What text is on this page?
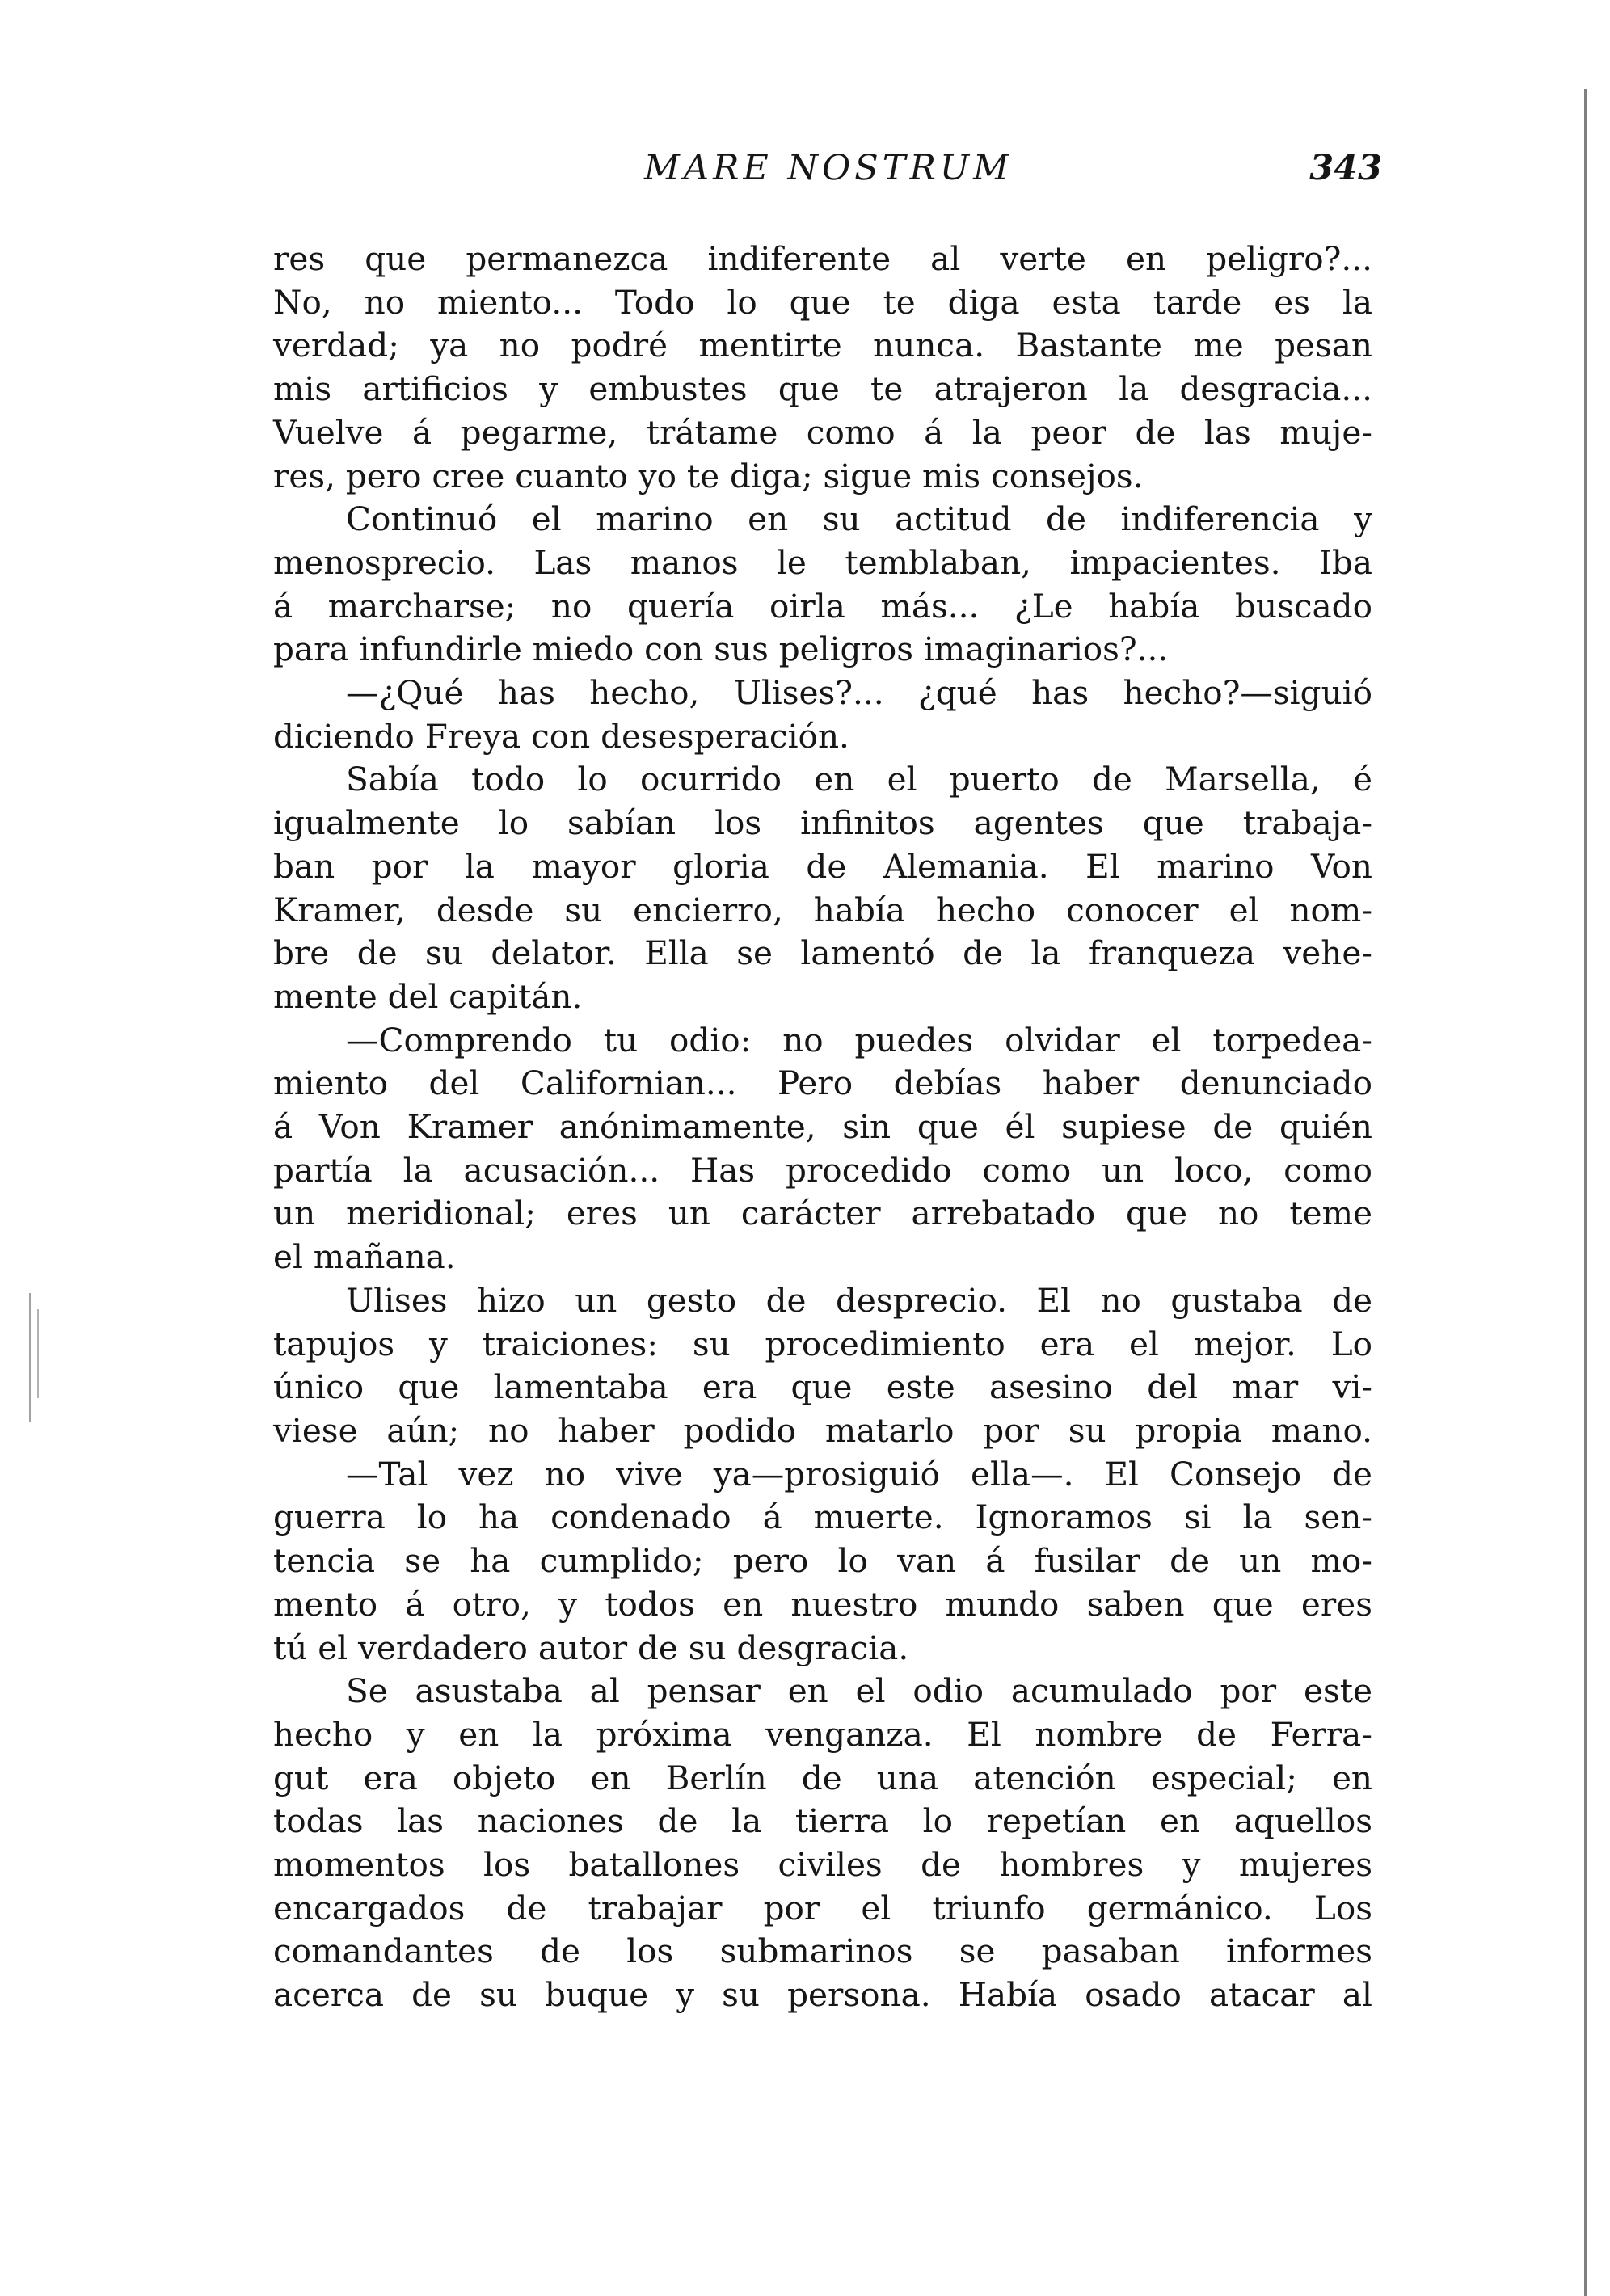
MARE NOSTRUM	343
res que permanezca indiferente al verte en peligro?...
No, no miento... Todo lo que te diga esta tarde es la
verdad; ya no podré mentirte nunca. Bastante me pesan
mis artificios y embustes que te atrajeron la desgracia...
Vuelve á pegarme, trátame como á la peor de las muje-
res, pero cree cuanto yo te diga; sigue mis consejos.
Continuó el marino en su actitud de indiferencia y
menosprecio. Las manos le temblaban, impacientes. Iba
á marcharse; no quería oirla más... ¿Le había buscado
para infundirle miedo con sus peligros imaginarios?...
—¿Qué has hecho, Ulises?... ¿qué has hecho?—siguió
diciendo Freya con desesperación.
Sabía todo lo ocurrido en el puerto de Marsella, é
igualmente lo sabían los infinitos agentes que trabaja-
ban por la mayor gloria de Alemania. El marino Von
Kramer, desde su encierro, había hecho conocer el nom-
bre de su delator. Ella se lamentó de la franqueza vehe-
mente del capitán.
—Comprendo tu odio: no puedes olvidar el torpedea-
miento del Californian... Pero debías haber denunciado
á Von Kramer anónimamente, sin que él supiese de quién
partía la acusación... Has procedido como un loco, como
un meridional; eres un carácter arrebatado que no teme
el mañana.
Ulises hizo un gesto de desprecio. El no gustaba de
tapujos y traiciones: su procedimiento era el mejor. Lo
único que lamentaba era que este asesino del mar vi-
viese aún; no haber podido matarlo por su propia mano.
—Tal vez no vive ya—prosiguió ella—. El Consejo de
guerra lo ha condenado á muerte. Ignoramos si la sen-
tencia se ha cumplido; pero lo van á fusilar de un mo-
mento á otro, y todos en nuestro mundo saben que eres
tú el verdadero autor de su desgracia.
Se asustaba al pensar en el odio acumulado por este
hecho y en la próxima venganza. El nombre de Ferra-
gut era objeto en Berlín de una atención especial; en
todas las naciones de la tierra lo repetían en aquellos
momentos los batallones civiles de hombres y mujeres
encargados de trabajar por el triunfo germánico. Los
comandantes de los submarinos se pasaban informes
acerca de su buque y su persona. Había osado atacar al
